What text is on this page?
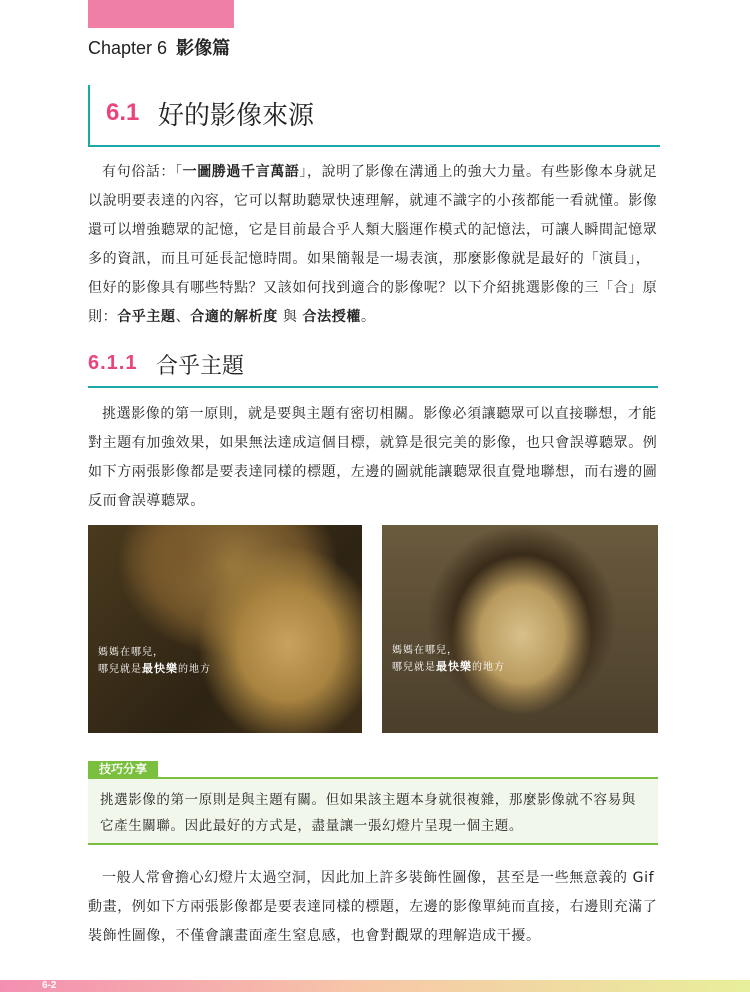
Chapter 6 影像篇
6.1 好的影像來源
有句俗話：「一圖勝過千言萬語」，說明了影像在溝通上的強大力量。有些影像本身就足以說明要表達的內容，它可以幫助聽眾快速理解，就連不識字的小孩都能一看就懂。影像還可以增強聽眾的記憶，它是目前最合乎人類大腦運作模式的記憶法，可讓人瞬間記憶眾多的資訊，而且可延長記憶時間。如果簡報是一場表演，那麼影像就是最好的「演員」，但好的影像具有哪些特點？又該如何找到適合的影像呢？以下介紹挑選影像的三「合」原則：合乎主題、合適的解析度 與 合法授權。
6.1.1 合乎主題
挑選影像的第一原則，就是要與主題有密切相關。影像必須讓聽眾可以直接聯想，才能對主題有加強效果，如果無法達成這個目標，就算是很完美的影像，也只會誤導聽眾。例如下方兩張影像都是要表達同樣的標題，左邊的圖就能讓聽眾很直覺地聯想，而右邊的圖反而會誤導聽眾。
媽媽在哪兒，
哪兒就是最快樂的地方
媽媽在哪兒，
哪兒就是最快樂的地方
技巧分享
挑選影像的第一原則是與主題有關。但如果該主題本身就很複雜，那麼影像就不容易與它產生關聯。因此最好的方式是，盡量讓一張幻燈片呈現一個主題。
一般人常會擔心幻燈片太過空洞，因此加上許多裝飾性圖像，甚至是一些無意義的 Gif 動畫，例如下方兩張影像都是要表達同樣的標題，左邊的影像單純而直接，右邊則充滿了裝飾性圖像，不僅會讓畫面產生窒息感，也會對觀眾的理解造成干擾。
6-2
